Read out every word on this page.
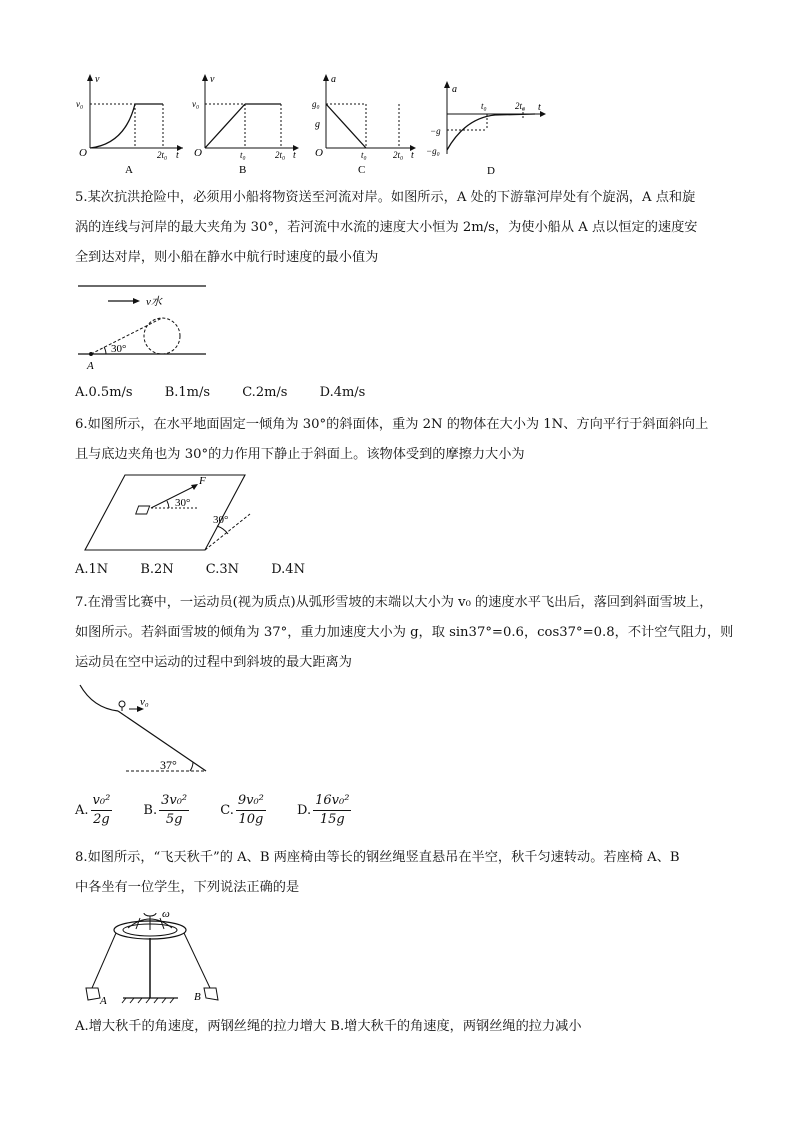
v
v₀
O	2t₀ t
A
v
v₀
O	t₀	2t₀ t
B
a
g₀
g
O	t₀	2t₀ t
C
a
t₀	2t₀ t
−g
−g₀
D
5.某次抗洪抢险中，必须用小船将物资送至河流对岸。如图所示，A 处的下游靠河岸处有个旋涡，A 点和旋
涡的连线与河岸的最大夹角为 30°，若河流中水流的速度大小恒为 2m/s，为使小船从 A 点以恒定的速度安
全到达对岸，则小船在静水中航行时速度的最小值为
v水
30°
A
A.0.5m/s B.1m/s C.2m/s D.4m/s
6.如图所示，在水平地面固定一倾角为 30°的斜面体，重为 2N 的物体在大小为 1N、方向平行于斜面斜向上
且与底边夹角也为 30°的力作用下静止于斜面上。该物体受到的摩擦力大小为
30°
F
30°
A.1N B.2N C.3N D.4N
7.在滑雪比赛中，一运动员(视为质点)从弧形雪坡的末端以大小为 v₀ 的速度水平飞出后，落回到斜面雪坡上，
如图所示。若斜面雪坡的倾角为 37°，重力加速度大小为 g，取 sin37°=0.6，cos37°=0.8，不计空气阻力，则
运动员在空中运动的过程中到斜坡的最大距离为
v₀
37°
A. $\frac{\text{v₀²}}{2g} B$. $\frac{\text{3v₀²}}{5g} C$. $\frac{\text{9v₀²}}{10g} D$. $\frac{\text{16v₀²}}{15g}$
8.如图所示，“飞天秋千”的 A、B 两座椅由等长的钢丝绳竖直悬吊在半空，秋千匀速转动。若座椅 A、B
中各坐有一位学生，下列说法正确的是
ω
A	B
A.增大秋千的角速度，两钢丝绳的拉力增大 B.增大秋千的角速度，两钢丝绳的拉力减小
